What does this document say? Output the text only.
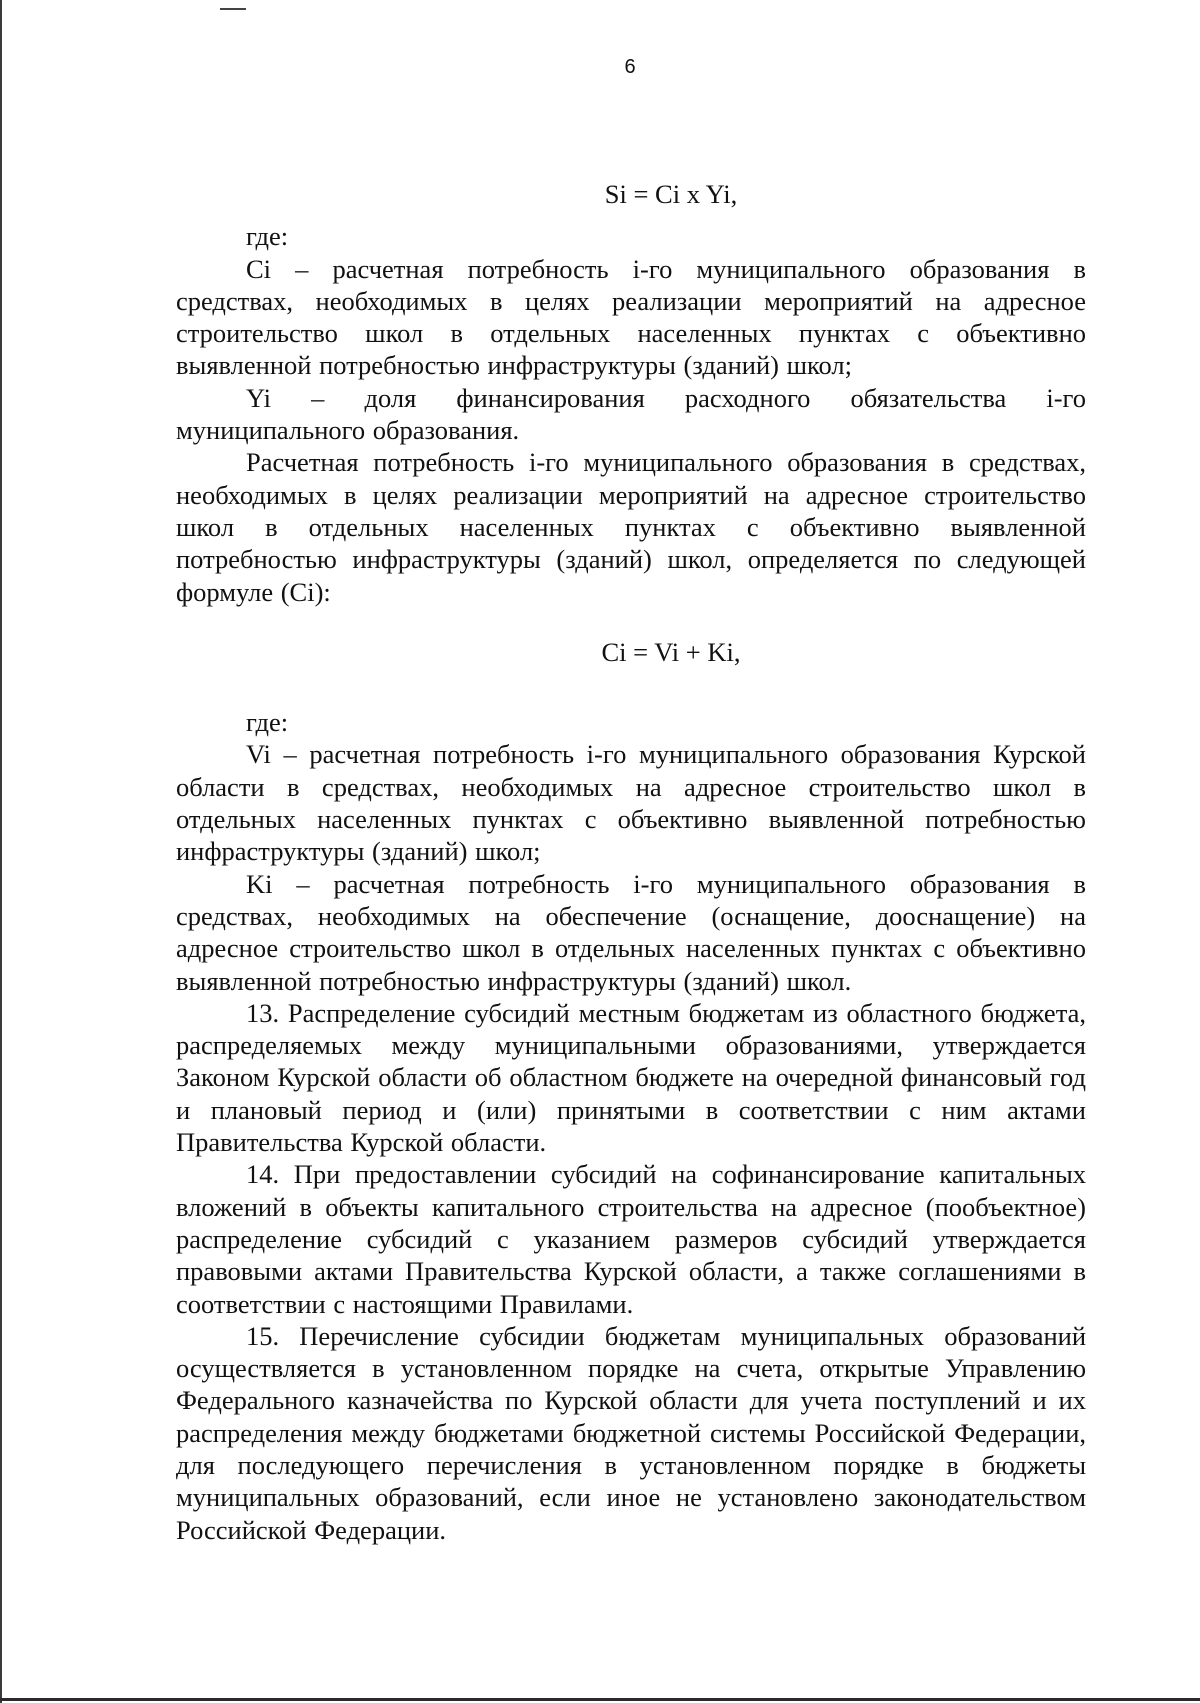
6

Si = Ci x Yi,

где:

Ci – расчетная потребность i-го муниципального образования в средствах, необходимых в целях реализации мероприятий на адресное строительство школ в отдельных населенных пунктах с объективно выявленной потребностью инфраструктуры (зданий) школ;

Yi – доля финансирования расходного обязательства i-го муниципального образования.

Расчетная потребность i-го муниципального образования в средствах, необходимых в целях реализации мероприятий на адресное строительство школ в отдельных населенных пунктах с объективно выявленной потребностью инфраструктуры (зданий) школ, определяется по следующей формуле (Ci):

Ci = Vi + Ki,

где:

Vi – расчетная потребность i-го муниципального образования Курской области в средствах, необходимых на адресное строительство школ в отдельных населенных пунктах с объективно выявленной потребностью инфраструктуры (зданий) школ;

Ki – расчетная потребность i-го муниципального образования в средствах, необходимых на обеспечение (оснащение, дооснащение) на адресное строительство школ в отдельных населенных пунктах с объективно выявленной потребностью инфраструктуры (зданий) школ.

13. Распределение субсидий местным бюджетам из областного бюджета, распределяемых между муниципальными образованиями, утверждается Законом Курской области об областном бюджете на очередной финансовый год и плановый период и (или) принятыми в соответствии с ним актами Правительства Курской области.

14. При предоставлении субсидий на софинансирование капитальных вложений в объекты капитального строительства на адресное (пообъектное) распределение субсидий с указанием размеров субсидий утверждается правовыми актами Правительства Курской области, а также соглашениями в соответствии с настоящими Правилами.

15. Перечисление субсидии бюджетам муниципальных образований осуществляется в установленном порядке на счета, открытые Управлению Федерального казначейства по Курской области для учета поступлений и их распределения между бюджетами бюджетной системы Российской Федерации, для последующего перечисления в установленном порядке в бюджеты муниципальных образований, если иное не установлено законодательством Российской Федерации.
